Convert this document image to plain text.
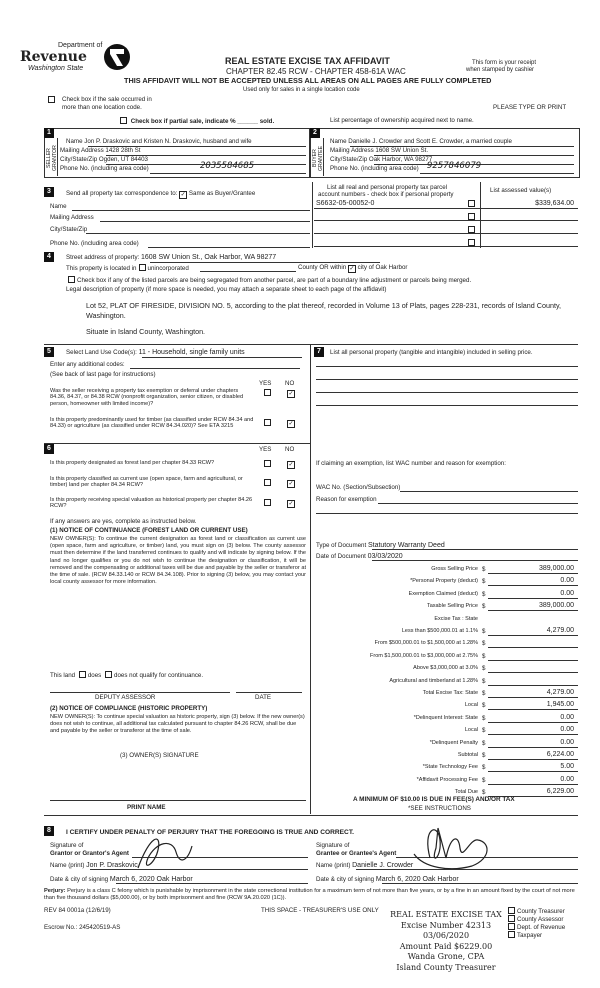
Department of
Revenue
Washington State
REAL ESTATE EXCISE TAX AFFIDAVIT
CHAPTER 82.45 RCW - CHAPTER 458-61A WAC
This form is your receipt
when stamped by cashier
THIS AFFIDAVIT WILL NOT BE ACCEPTED UNLESS ALL AREAS ON ALL PAGES ARE FULLY COMPLETED
Used only for sales in a single location code
Check box if the sale occurred in
more than one location code.	PLEASE TYPE OR PRINT
Check box if partial sale, indicate % ______ sold.	List percentage of ownership acquired next to name.
1
SELLER GRANTOR
Name Jon P. Draskovic and Kristen N. Draskovic, husband and wife
Mailing Address 1428 28th St
City/State/Zip Ogden, UT 84403
Phone No. (including area code)	2035584685
2
BUYER GRANTEE
Name Danielle J. Crowder and Scott E. Crowder, a married couple
Mailing Address 1608 SW Union St.
City/State/Zip Oak Harbor, WA 98277
Phone No. (including area code) 9257846079
3	Send all property tax correspondence to: ✓ Same as Buyer/Grantee
Name
Mailing Address
City/State/Zip
Phone No. (including area code)
List all real and personal property tax parcel
account numbers - check box if personal property
List assessed value(s)
S6632-05-00052-0	$339,634.00
4	Street address of property: 1608 SW Union St., Oak Harbor, WA 98277
This property is located in unincorporated	County OR within ✓ city of Oak Harbor
Check box if any of the listed parcels are being segregated from another parcel, are part of a boundary line adjustment or parcels being merged.
Legal description of property (if more space is needed, you may attach a separate sheet to each page of the affidavit)
Lot 52, PLAT OF FIRESIDE, DIVISION NO. 5, according to the plat thereof, recorded in Volume 13 of Plats, pages 228-231, records of Island County, Washington.
Situate in Island County, Washington.
5	Select Land Use Code(s): 11 - Household, single family units
Enter any additional codes:
(See back of last page for instructions)
YES NO
Was the seller receiving a property tax exemption or deferral under chapters 84.36, 84.37, or 84.38 RCW (nonprofit organization, senior citizen, or disabled person, homeowner with limited income)?
✓
Is this property predominantly used for timber (as classified under RCW 84.34 and 84.33) or agriculture (as classified under RCW 84.34.020)? See ETA 3215	✓
7	List all personal property (tangible and intangible) included in selling price.
6	YES NO
Is this property designated as forest land per chapter 84.33 RCW?	✓
Is this property classified as current use (open space, farm and agricultural, or timber) land per chapter 84.34 RCW?	✓
Is this property receiving special valuation as historical property per chapter 84.26 RCW?	✓
If any answers are yes, complete as instructed below.
(1) NOTICE OF CONTINUANCE (FOREST LAND OR CURRENT USE)
NEW OWNER(S): To continue the current designation as forest land or classification as current use (open space, farm and agriculture, or timber) land, you must sign on (3) below. The county assessor must then determine if the land transferred continues to qualify and will indicate by signing below. If the land no longer qualifies or you do not wish to continue the designation or classification, it will be removed and the compensating or additional taxes will be due and payable by the seller or transferor at the time of sale. (RCW 84.33.140 or RCW 84.34.108). Prior to signing (3) below, you may contact your local county assessor for more information.
This land does does not qualify for continuance.
DEPUTY ASSESSOR	DATE
(2) NOTICE OF COMPLIANCE (HISTORIC PROPERTY)
NEW OWNER(S): To continue special valuation as historic property, sign (3) below. If the new owner(s) does not wish to continue, all additional tax calculated pursuant to chapter 84.26 RCW, shall be due and payable by the seller or transferor at the time of sale.
(3) OWNER(S) SIGNATURE
PRINT NAME
If claiming an exemption, list WAC number and reason for exemption:
WAC No. (Section/Subsection)
Reason for exemption
Type of Document Statutory Warranty Deed
Date of Document 03/03/2020
Gross Selling Price $	389,000.00
*Personal Property (deduct) $	0.00
Exemption Claimed (deduct) $	0.00
Taxable Selling Price $	389,000.00
Excise Tax : State
Less than $500,000.01 at 1.1% $	4,279.00
From $500,000.01 to $1,500,000 at 1.28% $
From $1,500,000.01 to $3,000,000 at 2.75% $
Above $3,000,000 at 3.0% $
Agricultural and timberland at 1.28% $
Total Excise Tax: State $	4,279.00
Local $	1,945.00
*Delinquent Interest: State $	0.00
Local $	0.00
*Delinquent Penalty $	0.00
Subtotal $	6,224.00
*State Technology Fee $	5.00
*Affidavit Processing Fee $	0.00
Total Due $	6,229.00
A MINIMUM OF $10.00 IS DUE IN FEE(S) AND/OR TAX
*SEE INSTRUCTIONS
8	I CERTIFY UNDER PENALTY OF PERJURY THAT THE FOREGOING IS TRUE AND CORRECT.
Signature of
Grantor or Grantor's Agent
Name (print) Jon P. Draskovic
Date & city of signing March 6, 2020 Oak Harbor
Signature of
Grantee or Grantee's Agent
Name (print) Danielle J. Crowder
Date & city of signing March 6, 2020 Oak Harbor
Perjury: Perjury is a class C felony which is punishable by imprisonment in the state correctional institution for a maximum term of not more than five years, or by a fine in an amount fixed by the court of not more than five thousand dollars ($5,000.00), or by both imprisonment and fine (RCW 9A.20.020 (1C)).
REV 84 0001a (12/6/19)	THIS SPACE - TREASURER'S USE ONLY
Escrow No.: 245420519-AS
County Treasurer
County Assessor
Dept. of Revenue
Taxpayer
REAL ESTATE EXCISE TAX
Excise Number 42313
03/06/2020
Amount Paid $6229.00
Wanda Grone, CPA
Island County Treasurer
